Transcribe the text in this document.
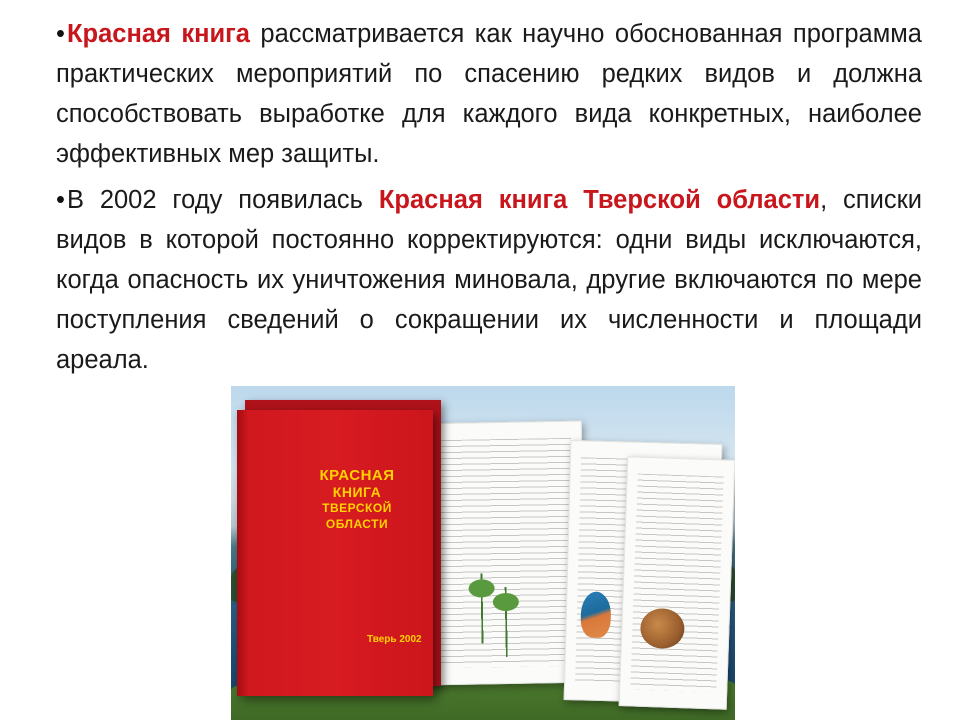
•Красная книга рассматривается как научно обоснованная программа практических мероприятий по спасению редких видов и должна способствовать выработке для каждого вида конкретных, наиболее эффективных мер защиты.

•В 2002 году появилась Красная книга Тверской области, списки видов в которой постоянно корректируются: одни виды исключаются, когда опасность их уничтожения миновала, другие включаются по мере поступления сведений о сокращении их численности и площади ареала.

КРАСНАЯ
КНИГА
ТВЕРСКОЙ
ОБЛАСТИ
Тверь 2002
